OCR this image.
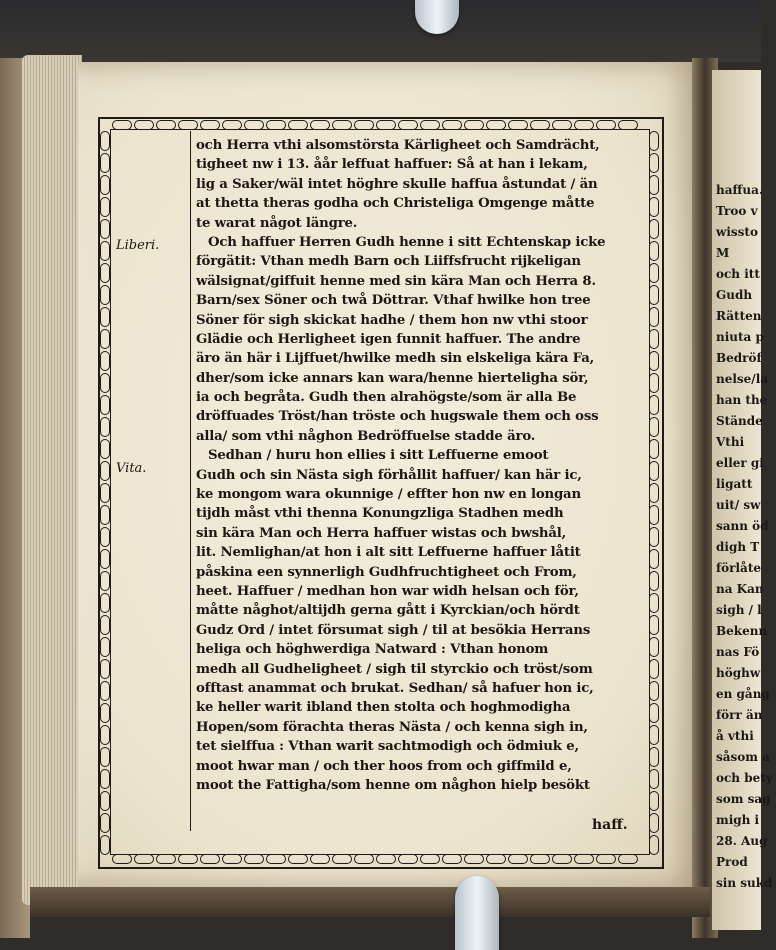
haffua.
Troo v
wissto
M
och itt
Gudh
Rätten
niuta p
Bedröf
nelse/la
han the
Stände
Vthi
eller gi
ligatt
uit/ sw
sann öd
digh T
förlåte
na Kan
sigh / l
Bekenn
nas Fö
höghw
en gång
förr än
å vthi
såsom a
och bety
som sag
migh i
28. Aug
Prod
sin sukd
Liberi.
Vita.
och Herra vthi alsomstörsta Kärligheet och Samdrächt,
tigheet nw i 13. åår leffuat haffuer: Så at han i lekam,
lig a Saker/wäl intet höghre skulle haffua åstundat / än
at thetta theras godha och Christeliga Omgenge måtte
te warat något längre.
Och haffuer Herren Gudh henne i sitt Echtenskap icke
förgätit: Vthan medh Barn och Liiffsfrucht rijkeligan
wälsignat/giffuit henne med sin kära Man och Herra 8.
Barn/sex Söner och twå Döttrar. Vthaf hwilke hon tree
Söner för sigh skickat hadhe / them hon nw vthi stoor
Glädie och Herligheet igen funnit haffuer. The andre
äro än här i Lijffuet/hwilke medh sin elskeliga kära Fa,
dher/som icke annars kan wara/henne hierteligha sör,
ia och begråta. Gudh then alrahögste/som är alla Be
dröffuades Tröst/han tröste och hugswale them och oss
alla/ som vthi någhon Bedröffuelse stadde äro.
Sedhan / huru hon ellies i sitt Leffuerne emoot
Gudh och sin Nästa sigh förhållit haffuer/ kan här ic,
ke mongom wara okunnige / effter hon nw en longan
tijdh måst vthi thenna Konungzliga Stadhen medh
sin kära Man och Herra haffuer wistas och bwshål,
lit. Nemlighan/at hon i alt sitt Leffuerne haffuer låtit
påskina een synnerligh Gudhfruchtigheet och From,
heet. Haffuer / medhan hon war widh helsan och för,
måtte någhot/altijdh gerna gått i Kyrckian/och hördt
Gudz Ord / intet försumat sigh / til at besökia Herrans
heliga och höghwerdiga Natward : Vthan honom
medh all Gudheligheet / sigh til styrckio och tröst/som
offtast anammat och brukat. Sedhan/ så hafuer hon ic,
ke heller warit ibland then stolta och hoghmodigha
Hopen/som förachta theras Nästa / och kenna sigh in,
tet sielffua : Vthan warit sachtmodigh och ödmiuk e,
moot hwar man / och ther hoos from och giffmild e,
moot the Fattigha/som henne om någhon hielp besökt
haff.
